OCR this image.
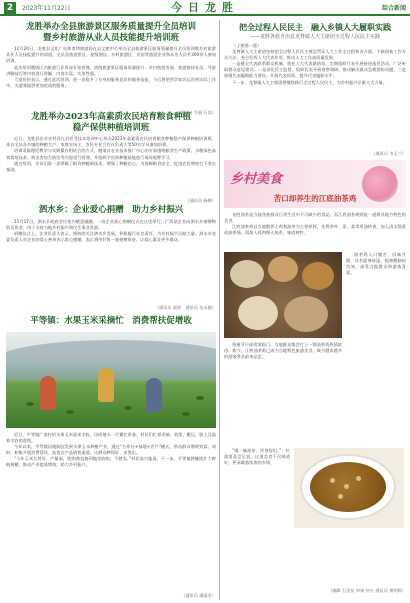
2	2023年11月22日	今日龙胜	综合新闻
龙胜举办全县旅游景区服务质量提升全员培训
暨乡村旅游从业人员技能提升培训班

11月20日，龙胜县文化广电体育和旅游局在县文旅中心举办全县旅游景区服务质量提升全员培训暨乡村旅游从业人员技能提升培训班，全县各旅游景区、星级酒店、乡村旅游区、民宿等旅游企业和从业人员共300余人参加培训。

此次培训邀请区内旅游行业资深专家授课，围绕旅游景区服务质量提升、乡村旅游发展、旅游接待礼仪、导游讲解技巧等内容进行讲解，内容丰富、实用性强。

大家纷纷表示，通过此次培训，进一步提升了自身的服务意识和服务技能，今后将把所学知识运用到实际工作中，为游客提供更加优质的服务。

（通讯员 韦丽 石涛）
龙胜举办2023年高素质农民培育粮食种植
稳产保供种植培训班

近日，龙胜县农业农村局在县农业技术培训中心举办2023年高素质农民培育粮食种植稳产保供种植培训班，来自全县各乡镇的种粮大户、家庭农场主、农民专业合作社负责人等50名学员参加培训。

培训采取理论教学与实践操作相结合的方式，邀请县农业技术推广中心的专家围绕粮食生产政策、水稻绿色高效栽培技术、病虫害综合防治等内容进行授课，并组织学员到种植基地进行现场观摩学习。

通过培训，学员们进一步掌握了粮食种植新技术，增强了种粮信心，为保障粮食安全、促进农民增收打下坚实基础。

（通讯员 杨柳）
泗水乡：企业爱心捐赠　助力乡村振兴

11月17日，泗水乡政府会议室内暖意融融，一场企业爱心捐赠仪式在这里举行，广西某企业向泗水乡捐赠物资及资金，用于支持当地乡村振兴和民生事业发展。

捐赠仪式上，企业负责人表示，将持续关注泗水乡发展，积极履行社会责任，为乡村振兴贡献力量。泗水乡党委负责人对企业的爱心善举表示衷心感谢，表示将用好每一笔捐赠资金，让爱心惠及更多群众。

（通讯员 粟婷　通讯员 龙永敏）
平等镇：水果玉米采摘忙　消费帮扶促增收

近日，平等镇广南村的水果玉米迎来丰收，田间地头一片繁忙景象，村民们忙着采摘、装筐、搬运，脸上洋溢着丰收的喜悦。

今年以来，平等镇因地制宜发展水果玉米种植产业，通过“合作社+基地+农户”模式，带动群众增收致富。同时，积极开展消费帮扶，拓宽农产品销售渠道，让群众种得好、卖得出。

“今年玉米长势好，产量高，收购商直接到地里收购，不愁卖。”村民高兴地说。下一步，平等镇将继续扩大种植规模，推动产业提质增效，助力乡村振兴。

（通讯员 潘丽芳）
把全过程人民民主　融入乡镇人大履职实践
——龙胜各族自治县龙脊镇人大主席团全过程人民民主实践

（上接第一版）

龙脊镇人大主席团坚持把全过程人民民主理念贯穿人大工作全过程和各方面，不断创新工作方式方法，充分发挥人大代表作用，推动人大工作高质量发展。

一是健全代表联系群众机制，依托人大代表联络站，定期组织代表开展接待选民活动，广泛听取群众意见建议。二是深化民主监督，组织代表开展视察调研，推动解决群众急难愁盼问题。三是加强代表履职能力建设，开展代表培训，提升代表履职水平。

下一步，龙脊镇人大主席团将继续践行全过程人民民主，为乡村振兴贡献人大力量。

（通讯员 韦玉兰）
乡村美食
苦口却养生的江底油茶鸡

龙胜油茶是当地各族群众日常生活中不可缺少的食品，而江底油茶鸡则是一道极具地方特色的美食。

江底油茶鸡以当地散养土鸡和油茶为主要原料，先将茶叶、姜、蒜等用油炒香，加入清水熬煮成油茶汤，再加入鸡肉慢火炖煮，味道独特。

油茶鸡入口微苦，回味甘甜，具有驱寒祛湿、提神醒脑的功效，深受当地群众和游客喜爱。

每逢节日或贵客临门，当地群众都会打上一锅油茶鸡热情款待。如今，江底油茶鸡已成为当地特色旅游美食，吸引越来越多的游客慕名前来品尝。

“喝一碗油茶，浑身舒坦。”一位游客品尝后说，这道美食不仅味道好，更承载着浓浓的乡情。

（编辑 石美恒 审核 何万 通讯员 黄明辉）
